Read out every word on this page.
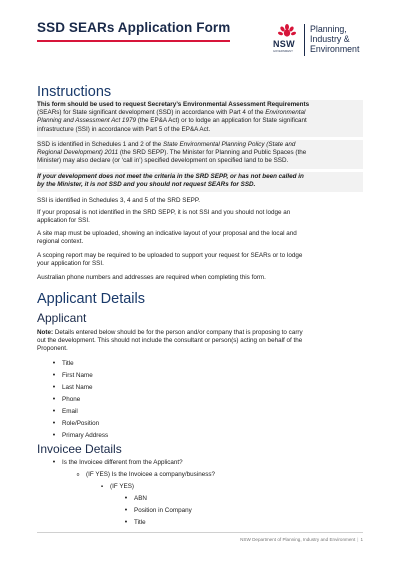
SSD SEARs Application Form
NSW
GOVERNMENT
Planning,
Industry &
Environment
Instructions
This form should be used to request Secretary’s Environmental Assessment Requirements
(SEARs) for State significant development (SSD) in accordance with Part 4 of the Environmental
Planning and Assessment Act 1979 (the EP&A Act) or to lodge an application for State significant
infrastructure (SSI) in accordance with Part 5 of the EP&A Act.
SSD is identified in Schedules 1 and 2 of the State Environmental Planning Policy (State and
Regional Development) 2011 (the SRD SEPP). The Minister for Planning and Public Spaces (the
Minister) may also declare (or ‘call in’) specified development on specified land to be SSD.
If your development does not meet the criteria in the SRD SEPP, or has not been called in
by the Minister, it is not SSD and you should not request SEARs for SSD.
SSI is identified in Schedules 3, 4 and 5 of the SRD SEPP.
If your proposal is not identified in the SRD SEPP, it is not SSI and you should not lodge an
application for SSI.
A site map must be uploaded, showing an indicative layout of your proposal and the local and
regional context.
A scoping report may be required to be uploaded to support your request for SEARs or to lodge
your application for SSI.
Australian phone numbers and addresses are required when completing this form.
Applicant Details
Applicant
Note: Details entered below should be for the person and/or company that is proposing to carry
out the development. This should not include the consultant or person(s) acting on behalf of the
Proponent.
•
Title
•
First Name
•
Last Name
•
Phone
•
Email
•
Role/Position
•
Primary Address
Invoicee Details
•
Is the Invoicee different from the Applicant?
o
(IF YES) Is the Invoicee a company/business?
▪
(IF YES)
•
ABN
•
Position in Company
•
Title
NSW Department of Planning, Industry and Environment | 1
